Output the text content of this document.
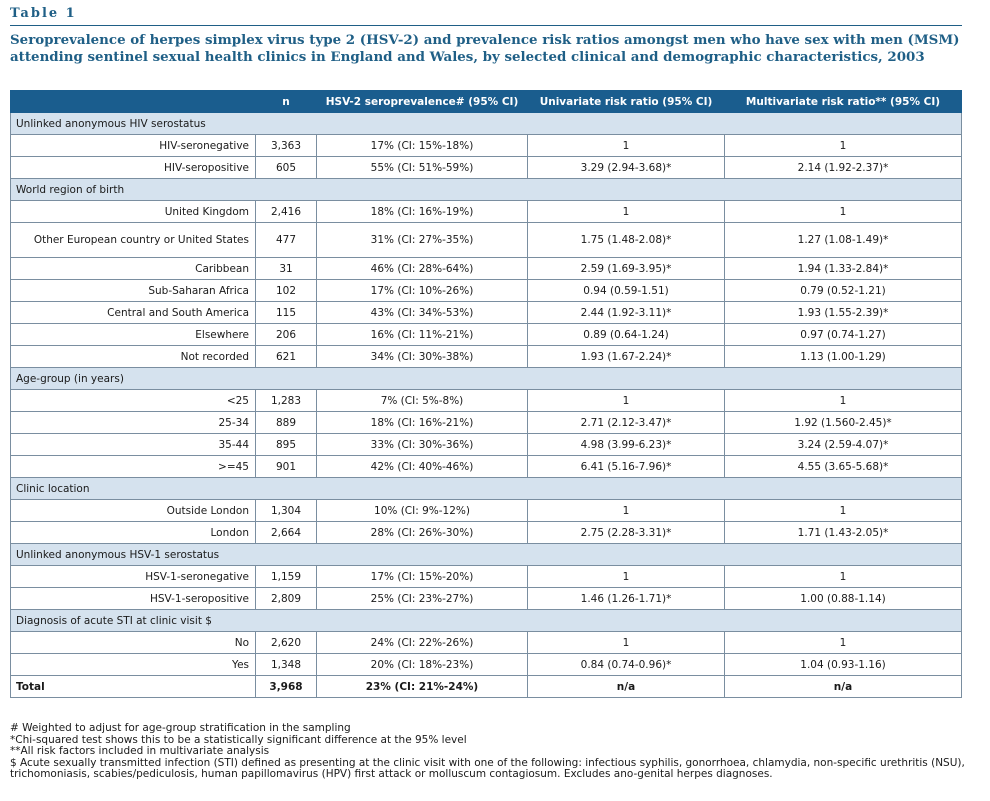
Table 1
Seroprevalence of herpes simplex virus type 2 (HSV-2) and prevalence risk ratios amongst men who have sex with men (MSM) attending sentinel sexual health clinics in England and Wales, by selected clinical and demographic characteristics, 2003
	n	HSV-2 seroprevalence# (95% CI)	Univariate risk ratio (95% CI)	Multivariate risk ratio** (95% CI)
Unlinked anonymous HIV serostatus				
HIV-seronegative	3,363	17% (CI: 15%-18%)	1	1
HIV-seropositive	605	55% (CI: 51%-59%)	3.29 (2.94-3.68)*	2.14 (1.92-2.37)*
World region of birth				
United Kingdom	2,416	18% (CI: 16%-19%)	1	1
Other European country or United States	477	31% (CI: 27%-35%)	1.75 (1.48-2.08)*	1.27 (1.08-1.49)*
Caribbean	31	46% (CI: 28%-64%)	2.59 (1.69-3.95)*	1.94 (1.33-2.84)*
Sub-Saharan Africa	102	17% (CI: 10%-26%)	0.94 (0.59-1.51)	0.79 (0.52-1.21)
Central and South America	115	43% (CI: 34%-53%)	2.44 (1.92-3.11)*	1.93 (1.55-2.39)*
Elsewhere	206	16% (CI: 11%-21%)	0.89 (0.64-1.24)	0.97 (0.74-1.27)
Not recorded	621	34% (CI: 30%-38%)	1.93 (1.67-2.24)*	1.13 (1.00-1.29)
Age-group (in years)				
<25	1,283	7% (CI: 5%-8%)	1	1
25-34	889	18% (CI: 16%-21%)	2.71 (2.12-3.47)*	1.92 (1.560-2.45)*
35-44	895	33% (CI: 30%-36%)	4.98 (3.99-6.23)*	3.24 (2.59-4.07)*
>=45	901	42% (CI: 40%-46%)	6.41 (5.16-7.96)*	4.55 (3.65-5.68)*
Clinic location				
Outside London	1,304	10% (CI: 9%-12%)	1	1
London	2,664	28% (CI: 26%-30%)	2.75 (2.28-3.31)*	1.71 (1.43-2.05)*
Unlinked anonymous HSV-1 serostatus				
HSV-1-seronegative	1,159	17% (CI: 15%-20%)	1	1
HSV-1-seropositive	2,809	25% (CI: 23%-27%)	1.46 (1.26-1.71)*	1.00 (0.88-1.14)
Diagnosis of acute STI at clinic visit $				
No	2,620	24% (CI: 22%-26%)	1	1
Yes	1,348	20% (CI: 18%-23%)	0.84 (0.74-0.96)*	1.04 (0.93-1.16)
Total	3,968	23% (CI: 21%-24%)	n/a	n/a
# Weighted to adjust for age-group stratification in the sampling
*Chi-squared test shows this to be a statistically significant difference at the 95% level
**All risk factors included in multivariate analysis
$ Acute sexually transmitted infection (STI) defined as presenting at the clinic visit with one of the following: infectious syphilis, gonorrhoea, chlamydia, non-specific urethritis (NSU), trichomoniasis, scabies/pediculosis, human papillomavirus (HPV) first attack or molluscum contagiosum. Excludes ano-genital herpes diagnoses.
